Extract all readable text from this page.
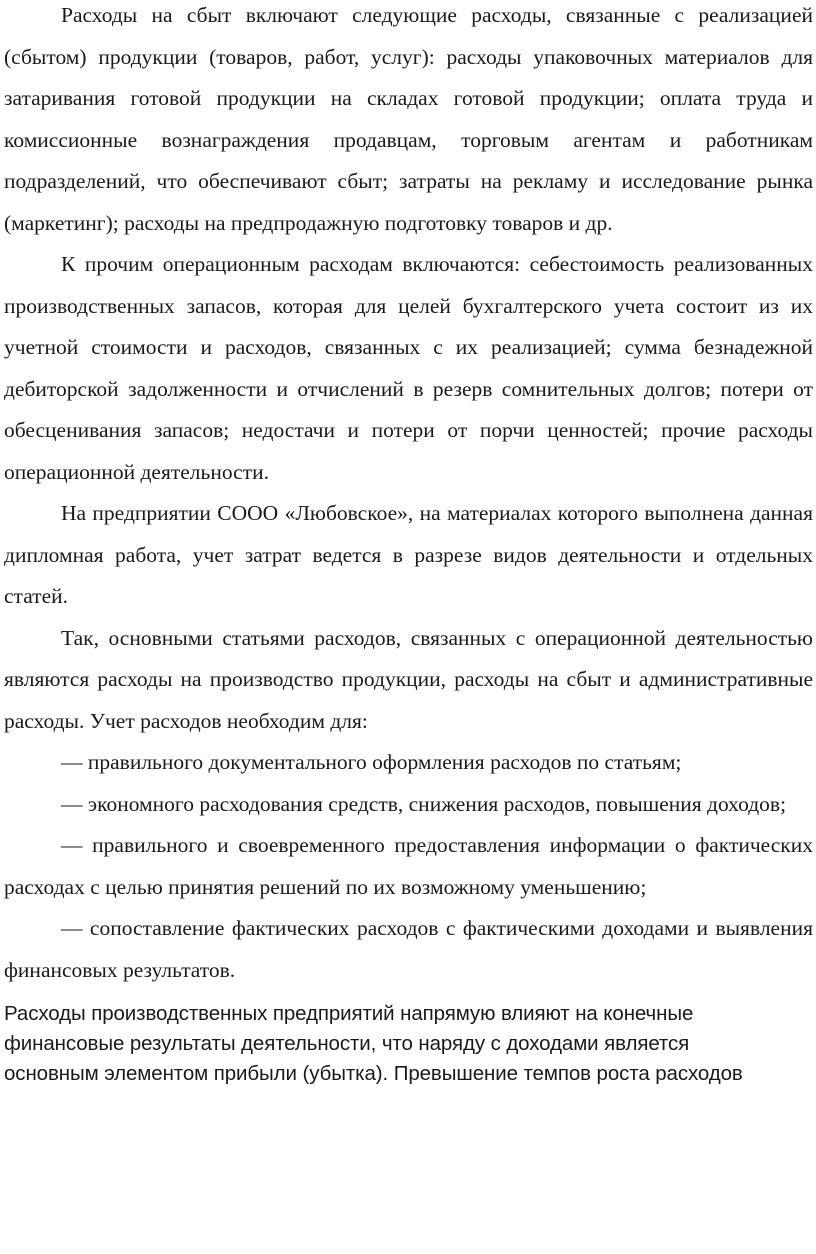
Расходы на сбыт включают следующие расходы, связанные с реализацией (сбытом) продукции (товаров, работ, услуг): расходы упаковочных материалов для затаривания готовой продукции на складах готовой продукции; оплата труда и комиссионные вознаграждения продавцам, торговым агентам и работникам подразделений, что обеспечивают сбыт; затраты на рекламу и исследование рынка (маркетинг); расходы на предпродажную подготовку товаров и др.

К прочим операционным расходам включаются: себестоимость реализованных производственных запасов, которая для целей бухгалтерского учета состоит из их учетной стоимости и расходов, связанных с их реализацией; сумма безнадежной дебиторской задолженности и отчислений в резерв сомнительных долгов; потери от обесценивания запасов; недостачи и потери от порчи ценностей; прочие расходы операционной деятельности.

На предприятии СООО «Любовское», на материалах которого выполнена данная дипломная работа, учет затрат ведется в разрезе видов деятельности и отдельных статей.

Так, основными статьями расходов, связанных с операционной деятельностью являются расходы на производство продукции, расходы на сбыт и административные расходы. Учет расходов необходим для:

— правильного документального оформления расходов по статьям;

— экономного расходования средств, снижения расходов, повышения доходов;

— правильного и своевременного предоставления информации о фактических расходах с целью принятия решений по их возможному уменьшению;

— сопоставление фактических расходов с фактическими доходами и выявления финансовых результатов.

Расходы производственных предприятий напрямую влияют на конечные
финансовые результаты деятельности, что наряду с доходами является
основным элементом прибыли (убытка). Превышение темпов роста расходов
